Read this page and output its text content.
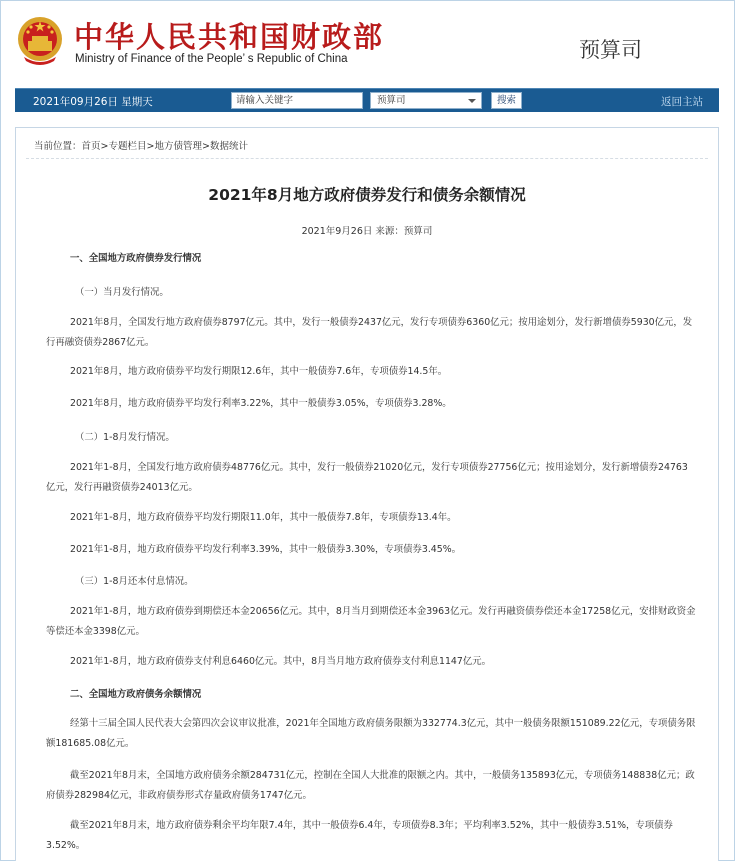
中华人民共和国财政部
Ministry of Finance of the People’ s Republic of China	预算司
2021年09月26日 星期天	请输入关键字	预算司	搜索	返回主站
当前位置：首页>专题栏目>地方债管理>数据统计
2021年8月地方政府债券发行和债务余额情况
2021年9月26日 来源：预算司
一、全国地方政府债券发行情况
（一）当月发行情况。
2021年8月，全国发行地方政府债券8797亿元。其中，发行一般债券2437亿元，发行专项债券6360亿元；按用途划分，发行新增债券5930亿元，发行再融资债券2867亿元。
2021年8月，地方政府债券平均发行期限12.6年，其中一般债券7.6年，专项债券14.5年。
2021年8月，地方政府债券平均发行利率3.22%，其中一般债券3.05%，专项债券3.28%。
（二）1-8月发行情况。
2021年1-8月，全国发行地方政府债券48776亿元。其中，发行一般债券21020亿元，发行专项债券27756亿元；按用途划分，发行新增债券24763亿元，发行再融资债券24013亿元。
2021年1-8月，地方政府债券平均发行期限11.0年，其中一般债券7.8年，专项债券13.4年。
2021年1-8月，地方政府债券平均发行利率3.39%，其中一般债券3.30%，专项债券3.45%。
（三）1-8月还本付息情况。
2021年1-8月，地方政府债券到期偿还本金20656亿元。其中，8月当月到期偿还本金3963亿元。发行再融资债券偿还本金17258亿元，安排财政资金等偿还本金3398亿元。
2021年1-8月，地方政府债券支付利息6460亿元。其中，8月当月地方政府债券支付利息1147亿元。
二、全国地方政府债务余额情况
经第十三届全国人民代表大会第四次会议审议批准，2021年全国地方政府债务限额为332774.3亿元，其中一般债务限额151089.22亿元，专项债务限额181685.08亿元。
截至2021年8月末，全国地方政府债务余额284731亿元，控制在全国人大批准的限额之内。其中，一般债务135893亿元，专项债务148838亿元；政府债券282984亿元，非政府债券形式存量政府债务1747亿元。
截至2021年8月末，地方政府债券剩余平均年限7.4年，其中一般债券6.4年，专项债券8.3年；平均利率3.52%，其中一般债券3.51%，专项债券3.52%。
